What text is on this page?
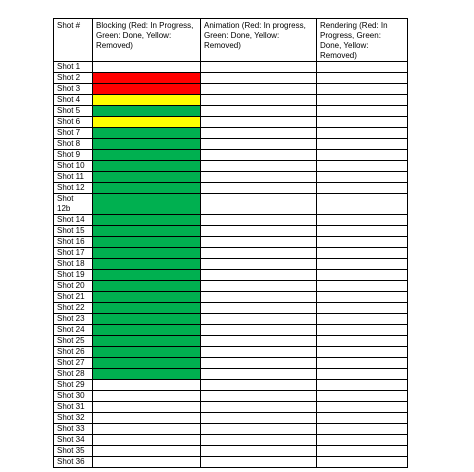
Shot #	Blocking (Red: In Progress, Green: Done, Yellow: Removed)	Animation (Red: In progress, Green: Done, Yellow: Removed)	Rendering (Red: In Progress, Green: Done, Yellow: Removed)
Shot 1			
Shot 2			
Shot 3			
Shot 4			
Shot 5			
Shot 6			
Shot 7			
Shot 8			
Shot 9			
Shot 10			
Shot 11			
Shot 12			
Shot 12b			
Shot 14			
Shot 15			
Shot 16			
Shot 17			
Shot 18			
Shot 19			
Shot 20			
Shot 21			
Shot 22			
Shot 23			
Shot 24			
Shot 25			
Shot 26			
Shot 27			
Shot 28			
Shot 29			
Shot 30			
Shot 31			
Shot 32			
Shot 33			
Shot 34			
Shot 35			
Shot 36			
